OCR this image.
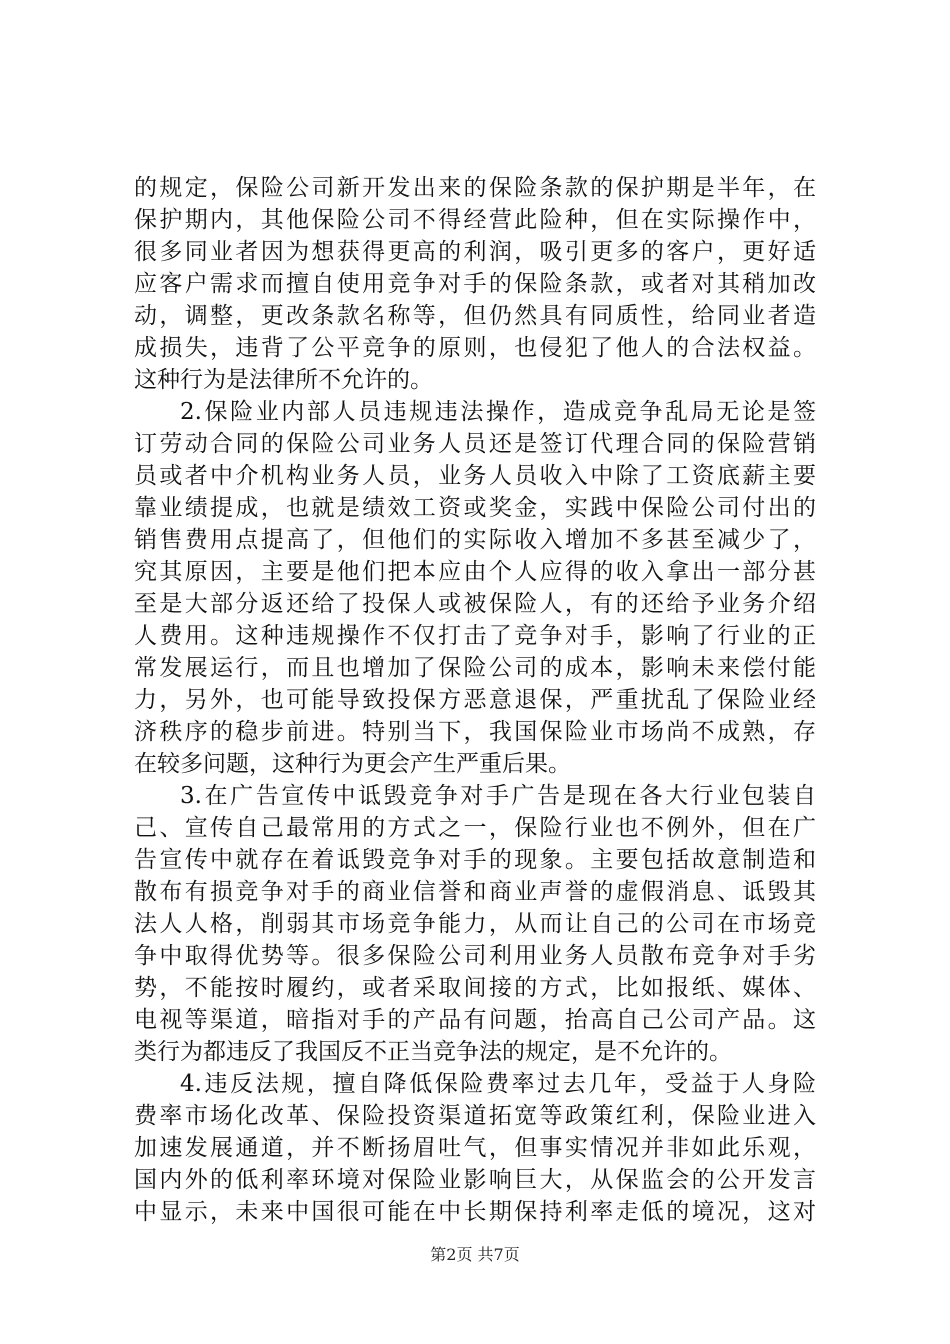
的规定，保险公司新开发出来的保险条款的保护期是半年，在
保护期内，其他保险公司不得经营此险种，但在实际操作中，
很多同业者因为想获得更高的利润，吸引更多的客户，更好适
应客户需求而擅自使用竞争对手的保险条款，或者对其稍加改
动，调整，更改条款名称等，但仍然具有同质性，给同业者造
成损失，违背了公平竞争的原则，也侵犯了他人的合法权益。
这种行为是法律所不允许的。
2.保险业内部人员违规违法操作，造成竞争乱局无论是签
订劳动合同的保险公司业务人员还是签订代理合同的保险营销
员或者中介机构业务人员，业务人员收入中除了工资底薪主要
靠业绩提成，也就是绩效工资或奖金，实践中保险公司付出的
销售费用点提高了，但他们的实际收入增加不多甚至减少了，
究其原因，主要是他们把本应由个人应得的收入拿出一部分甚
至是大部分返还给了投保人或被保险人，有的还给予业务介绍
人费用。这种违规操作不仅打击了竞争对手，影响了行业的正
常发展运行，而且也增加了保险公司的成本，影响未来偿付能
力，另外，也可能导致投保方恶意退保，严重扰乱了保险业经
济秩序的稳步前进。特别当下，我国保险业市场尚不成熟，存
在较多问题，这种行为更会产生严重后果。
3.在广告宣传中诋毁竞争对手广告是现在各大行业包装自
己、宣传自己最常用的方式之一，保险行业也不例外，但在广
告宣传中就存在着诋毁竞争对手的现象。主要包括故意制造和
散布有损竞争对手的商业信誉和商业声誉的虚假消息、诋毁其
法人人格，削弱其市场竞争能力，从而让自己的公司在市场竞
争中取得优势等。很多保险公司利用业务人员散布竞争对手劣
势，不能按时履约，或者采取间接的方式，比如报纸、媒体、
电视等渠道，暗指对手的产品有问题，抬高自己公司产品。这
类行为都违反了我国反不正当竞争法的规定，是不允许的。
4.违反法规，擅自降低保险费率过去几年，受益于人身险
费率市场化改革、保险投资渠道拓宽等政策红利，保险业进入
加速发展通道，并不断扬眉吐气，但事实情况并非如此乐观，
国内外的低利率环境对保险业影响巨大，从保监会的公开发言
中显示，未来中国很可能在中长期保持利率走低的境况，这对
第2页 共7页
